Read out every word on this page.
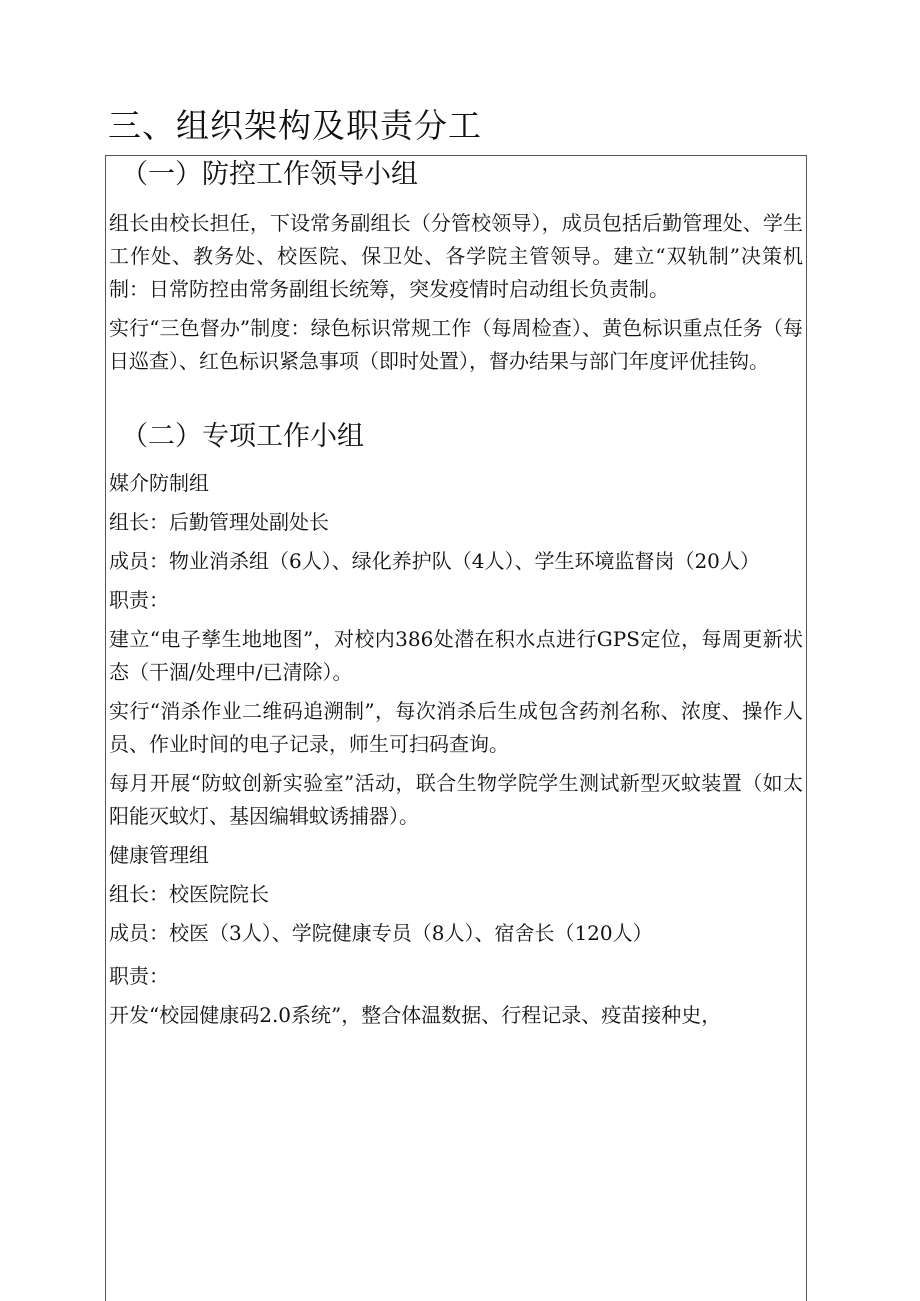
三、组织架构及职责分工
（一）防控工作领导小组

组长由校长担任，下设常务副组长（分管校领导），成员包括后勤管理处、学生工作处、教务处、校医院、保卫处、各学院主管领导。建立“双轨制”决策机制：日常防控由常务副组长统筹，突发疫情时启动组长负责制。

实行“三色督办”制度：绿色标识常规工作（每周检查）、黄色标识重点任务（每日巡查）、红色标识紧急事项（即时处置），督办结果与部门年度评优挂钩。

（二）专项工作小组

媒介防制组

组长：后勤管理处副处长

成员：物业消杀组（6人）、绿化养护队（4人）、学生环境监督岗（20人）

职责：

建立“电子孳生地地图”，对校内386处潜在积水点进行GPS定位，每周更新状态（干涸/处理中/已清除）。

实行“消杀作业二维码追溯制”，每次消杀后生成包含药剂名称、浓度、操作人员、作业时间的电子记录，师生可扫码查询。

每月开展“防蚊创新实验室”活动，联合生物学院学生测试新型灭蚊装置（如太阳能灭蚊灯、基因编辑蚊诱捕器）。

健康管理组

组长：校医院院长

成员：校医（3人）、学院健康专员（8人）、宿舍长（120人）

职责：

开发“校园健康码2.0系统”，整合体温数据、行程记录、疫苗接种史，
